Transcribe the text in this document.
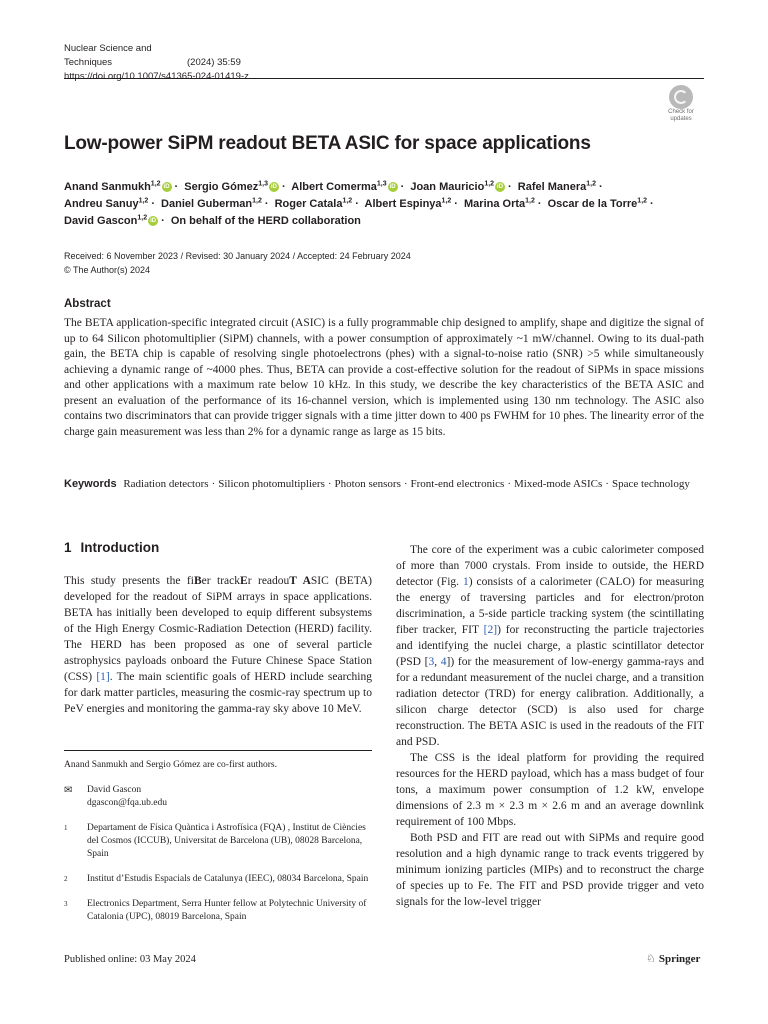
Nuclear Science and Techniques	(2024) 35:59
https://doi.org/10.1007/s41365-024-01419-z
Check for
updates
Low-power SiPM readout BETA ASIC for space applications
Anand Sanmukh$^{1,2}$ iD · Sergio Gómez$^{1,3}$ iD · Albert Comerma$^{1,3}$ iD · Joan Mauricio$^{1,2}$ iD · Rafel Manera$^{1,2}$ ·
Andreu Sanuy$^{1,2}$ · Daniel Guberman$^{1,2}$ · Roger Catala$^{1,2}$ · Albert Espinya$^{1,2}$ · Marina Orta$^{1,2}$ · Oscar de la Torre$^{1,2}$ ·
David Gascon$^{1,2}$ iD · On behalf of the HERD collaboration
Received: 6 November 2023 / Revised: 30 January 2024 / Accepted: 24 February 2024
© The Author(s) 2024
Abstract

The BETA application-specific integrated circuit (ASIC) is a fully programmable chip designed to amplify, shape and digitize the signal of up to 64 Silicon photomultiplier (SiPM) channels, with a power consumption of approximately ~1 mW/channel. Owing to its dual-path gain, the BETA chip is capable of resolving single photoelectrons (phes) with a signal-to-noise ratio (SNR) >5 while simultaneously achieving a dynamic range of ~4000 phes. Thus, BETA can provide a cost-effective solution for the readout of SiPMs in space missions and other applications with a maximum rate below 10 kHz. In this study, we describe the key characteristics of the BETA ASIC and present an evaluation of the performance of its 16-channel version, which is implemented using 130 nm technology. The ASIC also contains two discriminators that can provide trigger signals with a time jitter down to 400 ps FWHM for 10 phes. The linearity error of the charge gain measurement was less than 2% for a dynamic range as large as 15 bits.

Keywords Radiation detectors · Silicon photomultipliers · Photon sensors · Front-end electronics · Mixed-mode ASICs · Space technology
1 Introduction

This study presents the fiBer trackEr readouT ASIC (BETA) developed for the readout of SiPM arrays in space applications. BETA has initially been developed to equip different subsystems of the High Energy Cosmic-Radiation Detection (HERD) facility. The HERD has been proposed as one of several particle astrophysics payloads onboard the Future Chinese Space Station (CSS) [1]. The main scientific goals of HERD include searching for dark matter particles, measuring the cosmic-ray spectrum up to PeV energies and monitoring the gamma-ray sky above 10 MeV.

Anand Sanmukh and Sergio Gómez are co-first authors.
✉	David Gascon
dgascon@fqa.ub.edu
1	Departament de Física Quàntica i Astrofísica (FQA) , Institut de Ciències del Cosmos (ICCUB), Universitat de Barcelona (UB), 08028 Barcelona, Spain
2	Institut d’Estudis Espacials de Catalunya (IEEC), 08034 Barcelona, Spain
3	Electronics Department, Serra Hunter fellow at Polytechnic University of Catalonia (UPC), 08019 Barcelona, Spain

The core of the experiment was a cubic calorimeter composed of more than 7000 crystals. From inside to outside, the HERD detector (Fig. 1) consists of a calorimeter (CALO) for measuring the energy of traversing particles and for electron/proton discrimination, a 5-side particle tracking system (the scintillating fiber tracker, FIT [2]) for reconstructing the particle trajectories and identifying the nuclei charge, a plastic scintillator detector (PSD [3, 4]) for the measurement of low-energy gamma-rays and for a redundant measurement of the nuclei charge, and a transition radiation detector (TRD) for energy calibration. Additionally, a silicon charge detector (SCD) is also used for charge reconstruction. The BETA ASIC is used in the readouts of the FIT and PSD.

The CSS is the ideal platform for providing the required resources for the HERD payload, which has a mass budget of four tons, a maximum power consumption of 1.2 kW, envelope dimensions of 2.3 m × 2.3 m × 2.6 m and an average downlink requirement of 100 Mbps.

Both PSD and FIT are read out with SiPMs and require good resolution and a high dynamic range to track events triggered by minimum ionizing particles (MIPs) and to reconstruct the charge of species up to Fe. The FIT and PSD provide trigger and veto signals for the low-level trigger

Published online: 03 May 2024	♘ Springer
